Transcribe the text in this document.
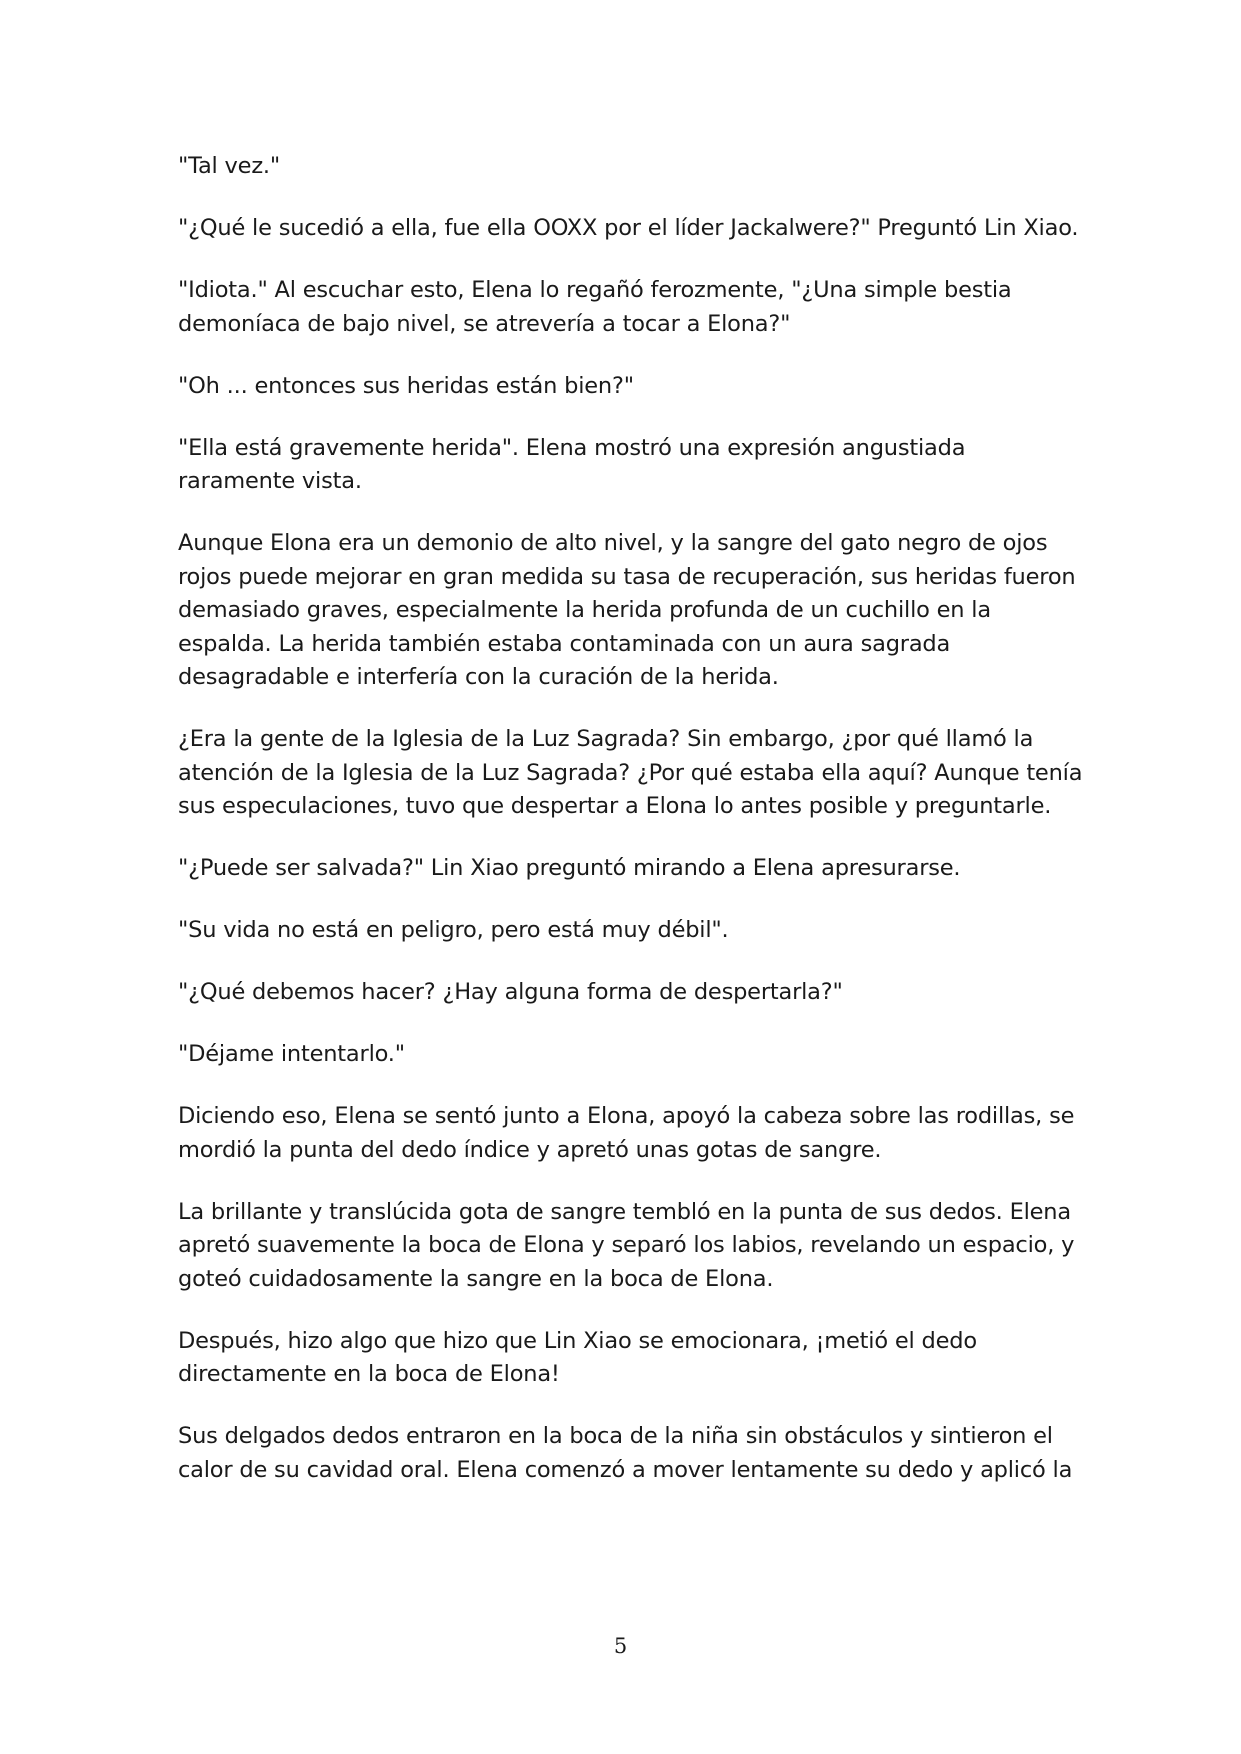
"Tal vez."

"¿Qué le sucedió a ella, fue ella OOXX por el líder Jackalwere?" Preguntó Lin Xiao.

"Idiota." Al escuchar esto, Elena lo regañó ferozmente, "¿Una simple bestia demoníaca de bajo nivel, se atrevería a tocar a Elona?"

"Oh ... entonces sus heridas están bien?"

"Ella está gravemente herida". Elena mostró una expresión angustiada raramente vista.

Aunque Elona era un demonio de alto nivel, y la sangre del gato negro de ojos rojos puede mejorar en gran medida su tasa de recuperación, sus heridas fueron demasiado graves, especialmente la herida profunda de un cuchillo en la espalda. La herida también estaba contaminada con un aura sagrada desagradable e interfería con la curación de la herida.

¿Era la gente de la Iglesia de la Luz Sagrada? Sin embargo, ¿por qué llamó la atención de la Iglesia de la Luz Sagrada? ¿Por qué estaba ella aquí? Aunque tenía sus especulaciones, tuvo que despertar a Elona lo antes posible y preguntarle.

"¿Puede ser salvada?" Lin Xiao preguntó mirando a Elena apresurarse.

"Su vida no está en peligro, pero está muy débil".

"¿Qué debemos hacer? ¿Hay alguna forma de despertarla?"

"Déjame intentarlo."

Diciendo eso, Elena se sentó junto a Elona, apoyó la cabeza sobre las rodillas, se mordió la punta del dedo índice y apretó unas gotas de sangre.

La brillante y translúcida gota de sangre tembló en la punta de sus dedos. Elena apretó suavemente la boca de Elona y separó los labios, revelando un espacio, y goteó cuidadosamente la sangre en la boca de Elona.

Después, hizo algo que hizo que Lin Xiao se emocionara, ¡metió el dedo directamente en la boca de Elona!

Sus delgados dedos entraron en la boca de la niña sin obstáculos y sintieron el calor de su cavidad oral. Elena comenzó a mover lentamente su dedo y aplicó la

5
